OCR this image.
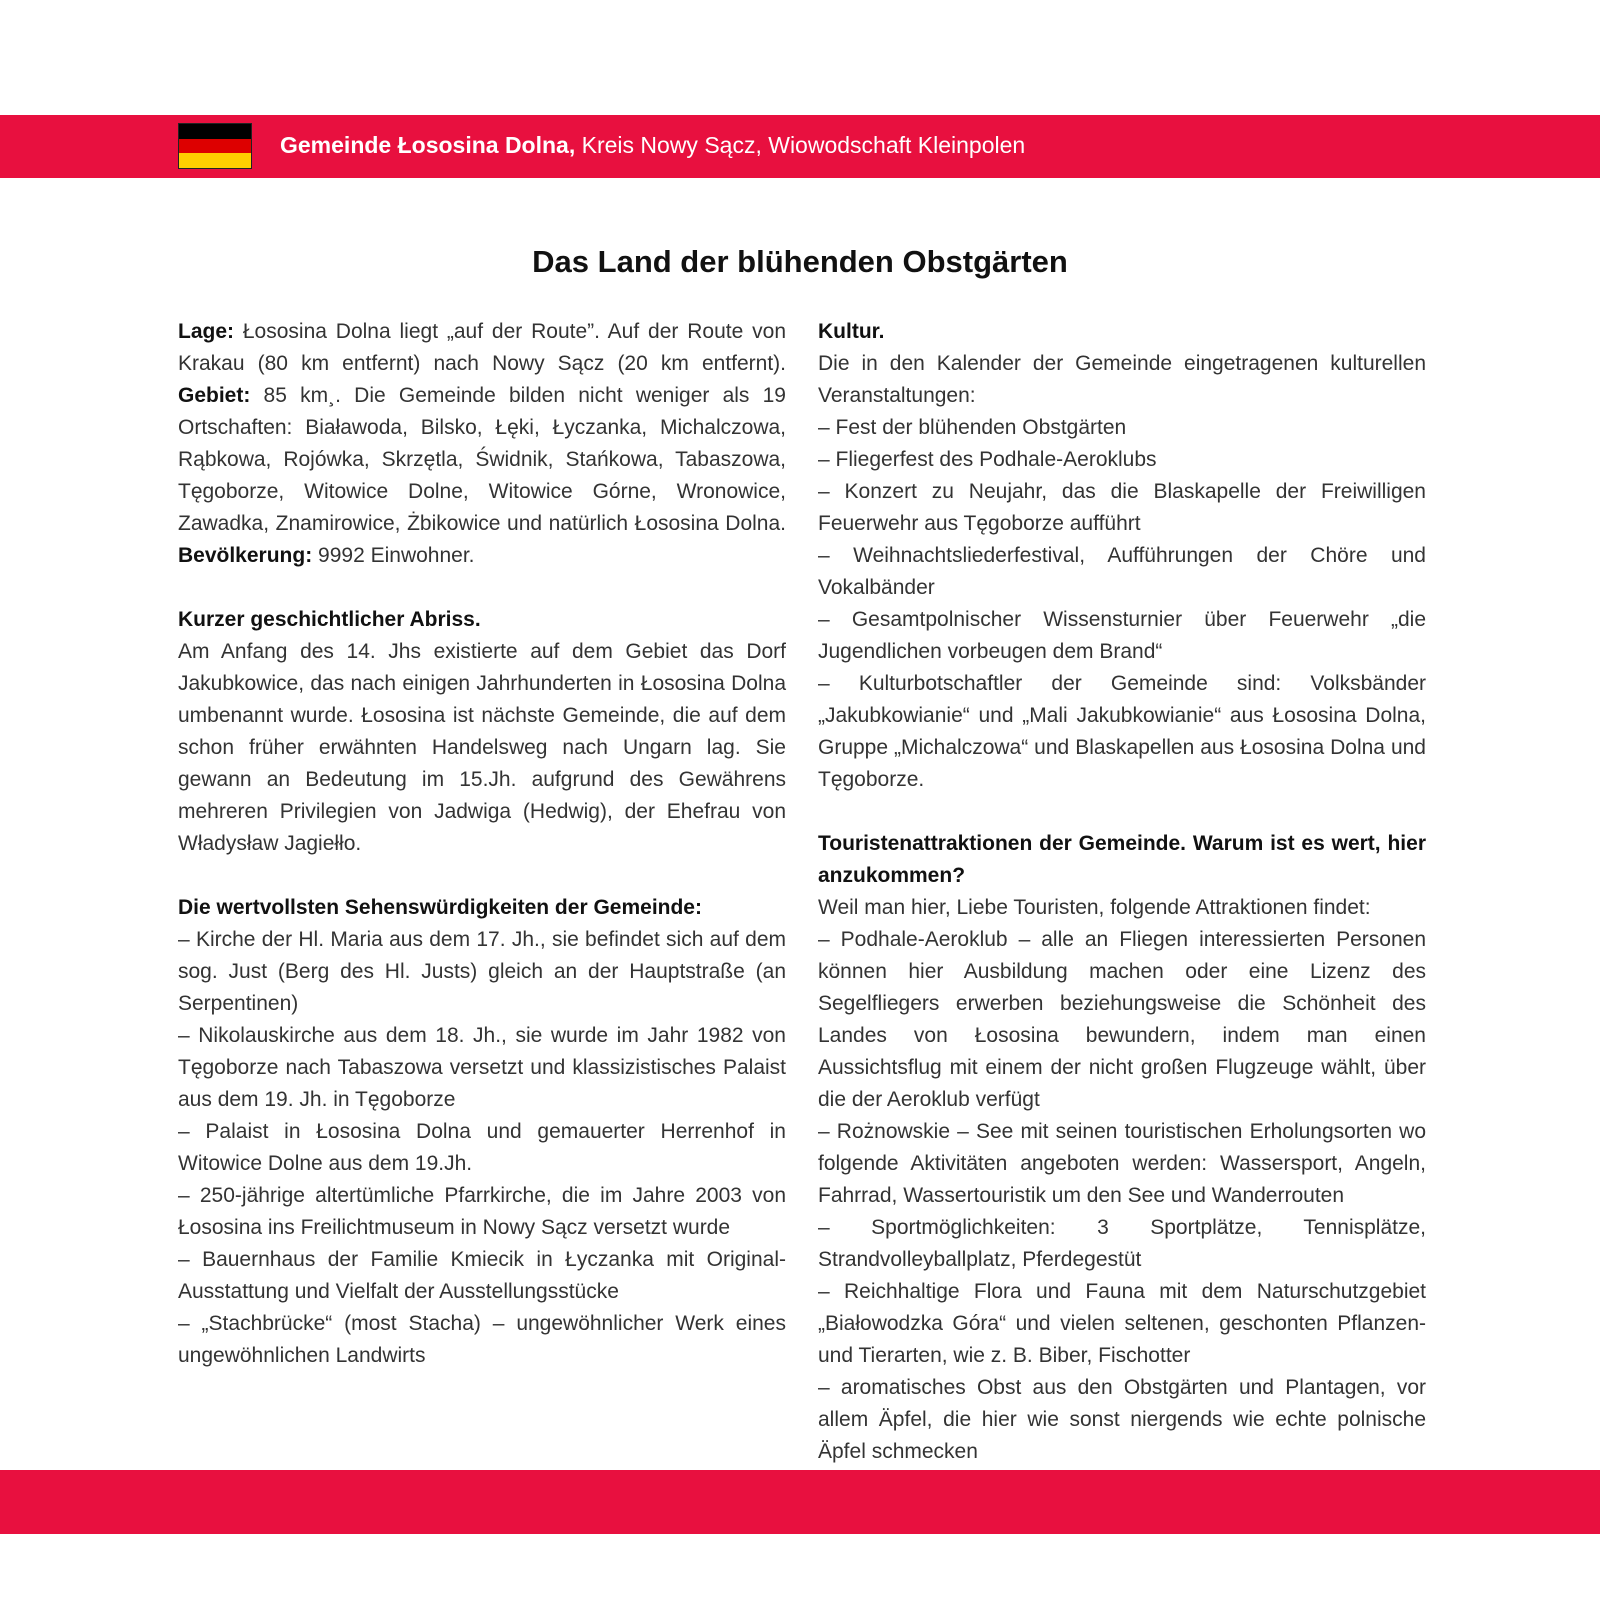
Gemeinde Łososina Dolna, Kreis Nowy Sącz, Wiowodschaft Kleinpolen
Das Land der blühenden Obstgärten

Lage: Łososina Dolna liegt „auf der Route”. Auf der Route von Krakau (80 km entfernt) nach Nowy Sącz (20 km entfernt). Gebiet: 85 km¸. Die Gemeinde bilden nicht weniger als 19 Ortschaften: Białawoda, Bilsko, Łęki, Łyczanka, Michalczowa, Rąbkowa, Rojówka, Skrzętla, Świdnik, Stańkowa, Tabaszowa, Tęgoborze, Witowice Dolne, Witowice Górne, Wronowice, Zawadka, Znamirowice, Żbikowice und natürlich Łososina Dolna. Bevölkerung: 9992 Einwohner.

Kurzer geschichtlicher Abriss.

Am Anfang des 14. Jhs existierte auf dem Gebiet das Dorf Jakubkowice, das nach einigen Jahrhunderten in Łososina Dolna umbenannt wurde. Łososina ist nächste Gemeinde, die auf dem schon früher erwähnten Handelsweg nach Ungarn lag. Sie gewann an Bedeutung im 15.Jh. aufgrund des Gewährens mehreren Privilegien von Jadwiga (Hedwig), der Ehefrau von Władysław Jagiełło.

Die wertvollsten Sehenswürdigkeiten der Gemeinde:

– Kirche der Hl. Maria aus dem 17. Jh., sie befindet sich auf dem sog. Just (Berg des Hl. Justs) gleich an der Hauptstraße (an Serpentinen)

– Nikolauskirche aus dem 18. Jh., sie wurde im Jahr 1982 von Tęgoborze nach Tabaszowa versetzt und klassizistisches Palaist aus dem 19. Jh. in Tęgoborze

– Palaist in Łososina Dolna und gemauerter Herrenhof in Witowice Dolne aus dem 19.Jh.

– 250-jährige altertümliche Pfarrkirche, die im Jahre 2003 von Łososina ins Freilichtmuseum in Nowy Sącz versetzt wurde

– Bauernhaus der Familie Kmiecik in Łyczanka mit Original-Ausstattung und Vielfalt der Ausstellungsstücke

– „Stachbrücke“ (most Stacha) – ungewöhnlicher Werk eines ungewöhnlichen Landwirts

Kultur.

Die in den Kalender der Gemeinde eingetragenen kulturellen Veranstaltungen:

– Fest der blühenden Obstgärten

– Fliegerfest des Podhale-Aeroklubs

– Konzert zu Neujahr, das die Blaskapelle der Freiwilligen Feuerwehr aus Tęgoborze aufführt

– Weihnachtsliederfestival, Aufführungen der Chöre und Vokalbänder

– Gesamtpolnischer Wissensturnier über Feuerwehr „die Jugendlichen vorbeugen dem Brand“

– Kulturbotschaftler der Gemeinde sind: Volksbänder „Jakubkowianie“ und „Mali Jakubkowianie“ aus Łososina Dolna, Gruppe „Michalczowa“ und Blaskapellen aus Łososina Dolna und Tęgoborze.

Touristenattraktionen der Gemeinde. Warum ist es wert, hier anzukommen?

Weil man hier, Liebe Touristen, folgende Attraktionen findet:

– Podhale-Aeroklub – alle an Fliegen interessierten Personen können hier Ausbildung machen oder eine Lizenz des Segelfliegers erwerben beziehungsweise die Schönheit des Landes von Łososina bewundern, indem man einen Aussichtsflug mit einem der nicht großen Flugzeuge wählt, über die der Aeroklub verfügt

– Rożnowskie – See mit seinen touristischen Erholungsorten wo folgende Aktivitäten angeboten werden: Wassersport, Angeln, Fahrrad, Wassertouristik um den See und Wanderrouten

– Sportmöglichkeiten: 3 Sportplätze, Tennisplätze, Strandvolleyballplatz, Pferdegestüt

– Reichhaltige Flora und Fauna mit dem Naturschutzgebiet „Białowodzka Góra“ und vielen seltenen, geschonten Pflanzen- und Tierarten, wie z. B. Biber, Fischotter

– aromatisches Obst aus den Obstgärten und Plantagen, vor allem Äpfel, die hier wie sonst niergends wie echte polnische Äpfel schmecken
